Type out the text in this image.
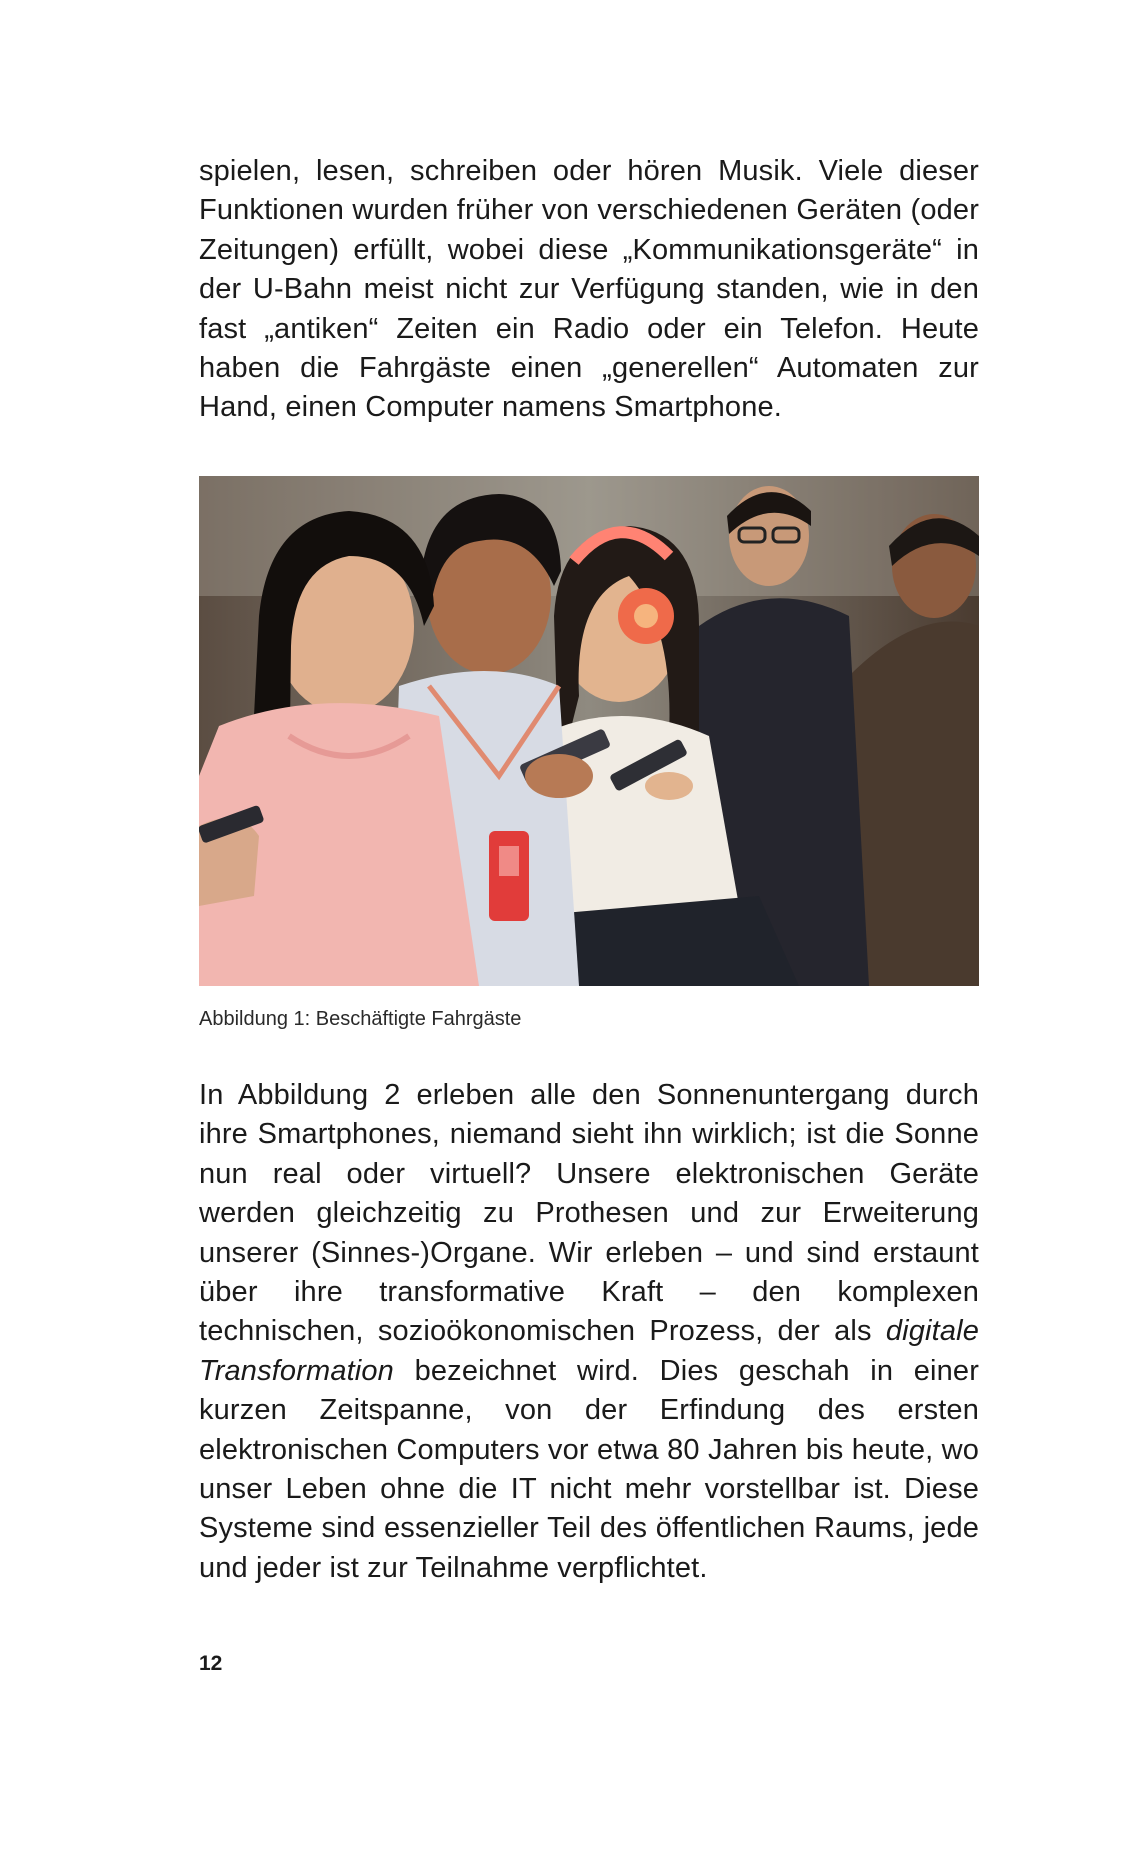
spielen, lesen, schreiben oder hören Musik. Viele dieser Funktionen wurden früher von verschiedenen Geräten (oder Zeitungen) erfüllt, wobei diese „Kommunikationsgeräte“ in der U-Bahn meist nicht zur Verfügung standen, wie in den fast „antiken“ Zeiten ein Radio oder ein Telefon. Heute haben die Fahrgäste einen „generellen“ Automaten zur Hand, einen Computer namens Smartphone.

Abbildung 1: Beschäftigte Fahrgäste

In Abbildung 2 erleben alle den Sonnenuntergang durch ihre Smartphones, niemand sieht ihn wirklich; ist die Sonne nun real oder virtuell? Unsere elektronischen Geräte werden gleichzeitig zu Prothesen und zur Erweiterung unserer (Sinnes-)Organe. Wir erleben – und sind erstaunt über ihre transformative Kraft – den komplexen technischen, sozioökonomischen Prozess, der als digitale Transformation bezeichnet wird. Dies geschah in einer kurzen Zeitspanne, von der Erfindung des ersten elektronischen Computers vor etwa 80 Jahren bis heute, wo unser Leben ohne die IT nicht mehr vorstellbar ist. Diese Systeme sind essenzieller Teil des öffentlichen Raums, jede und jeder ist zur Teilnahme verpflichtet.

12
